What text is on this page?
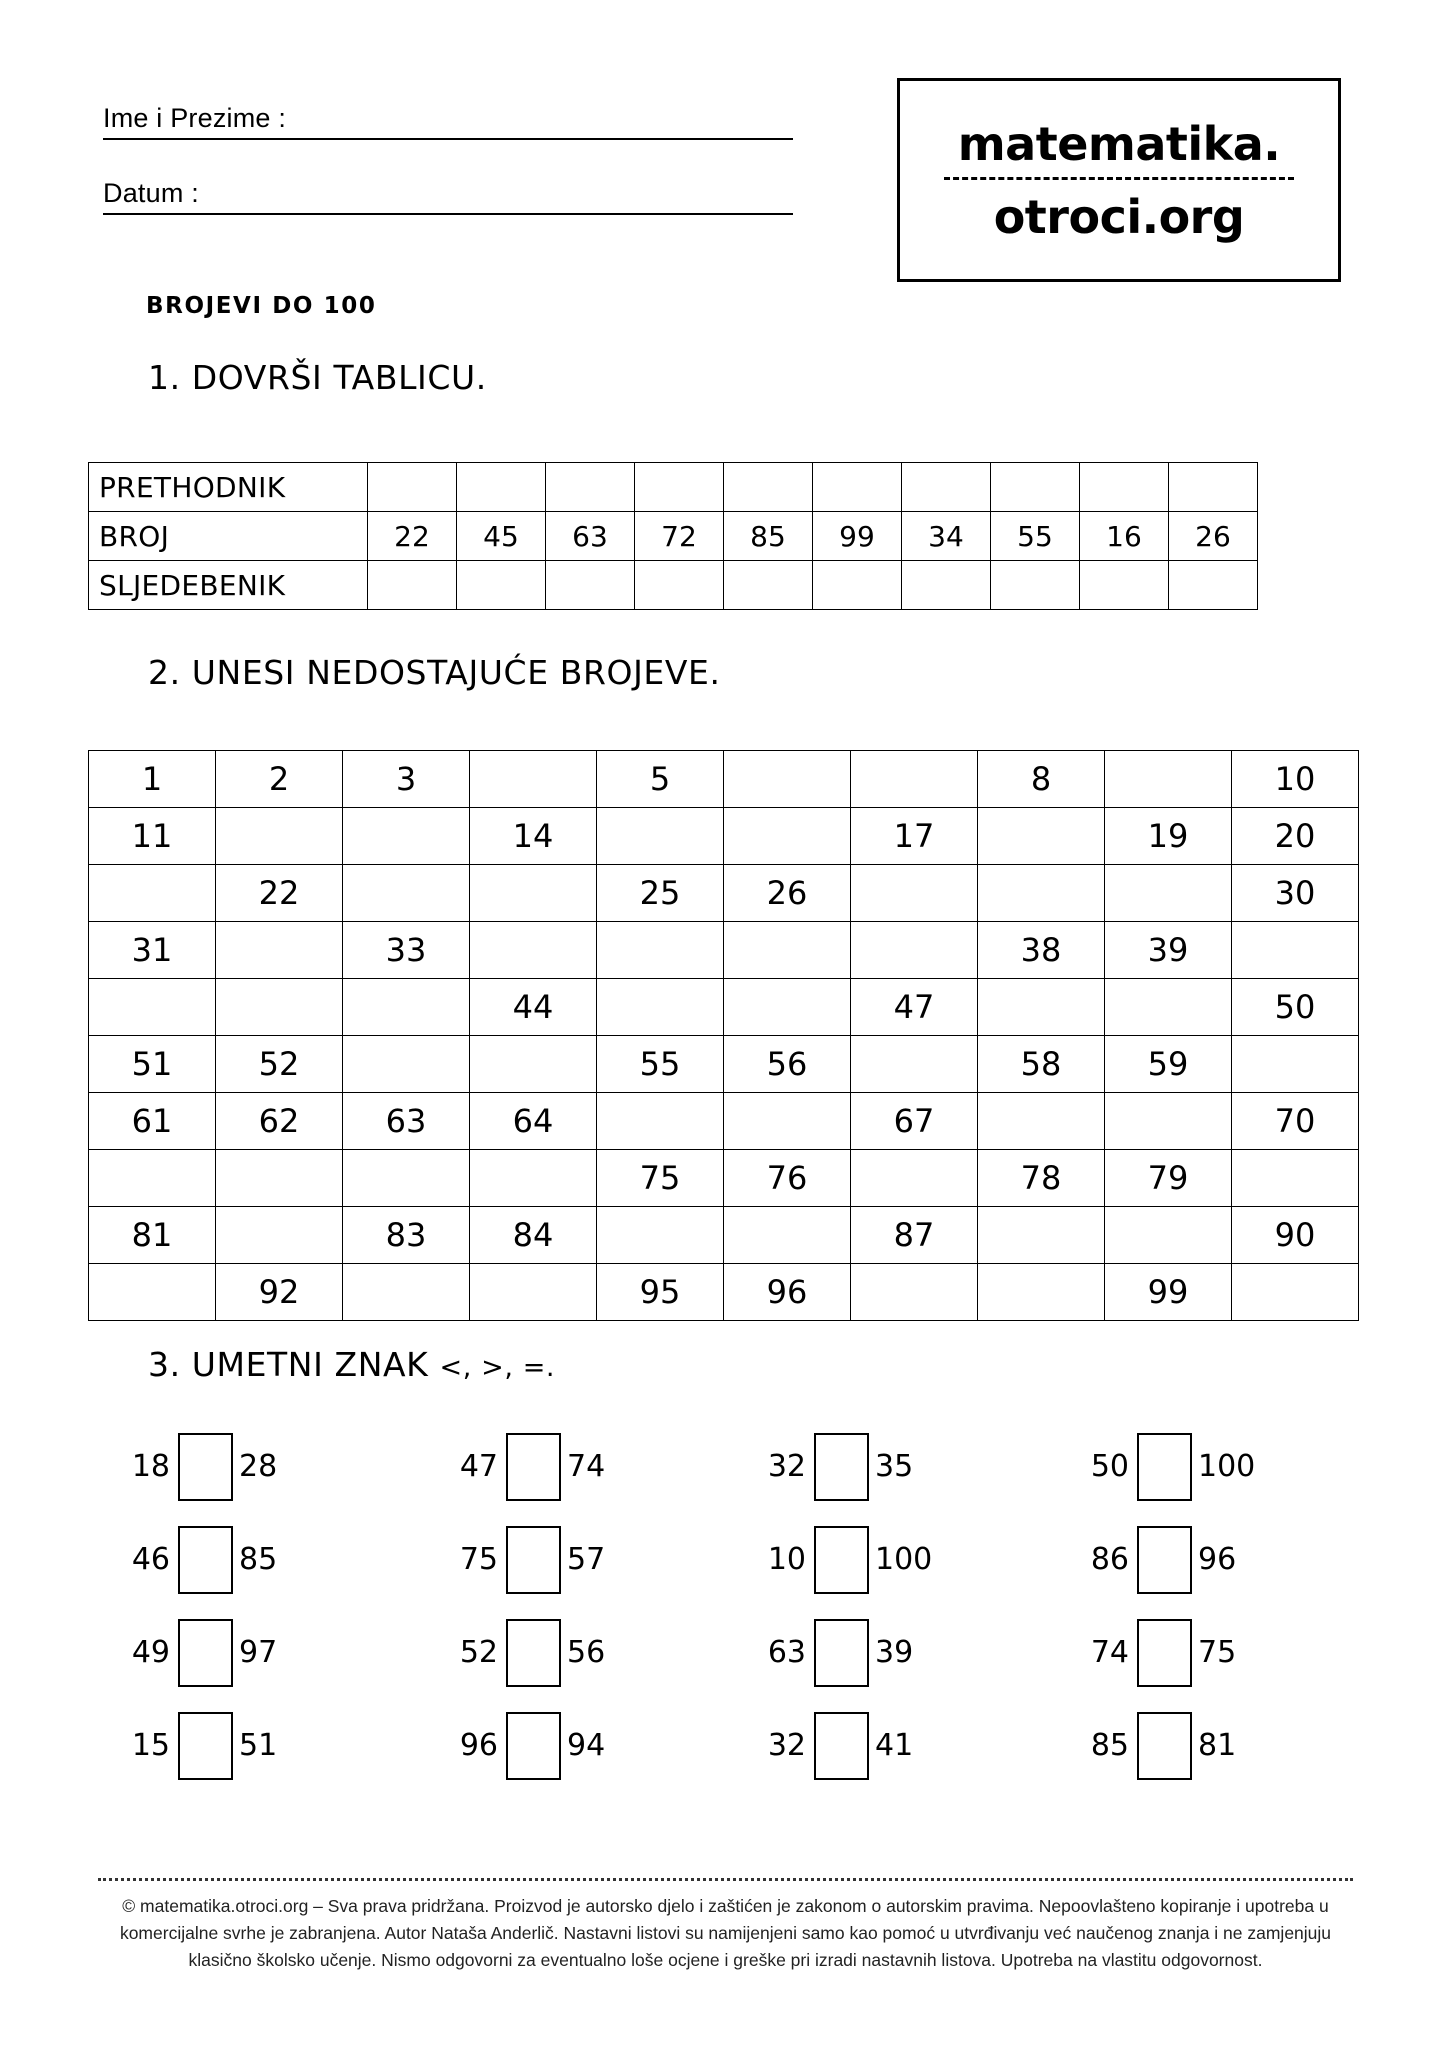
Ime i Prezime :
Datum :
matematika.
otroci.org
BROJEVI DO 100
1. DOVRŠI TABLICU.
PRETHODNIK										
BROJ	22	45	63	72	85	99	34	55	16	26
SLJEDEBENIK										
2. UNESI NEDOSTAJUĆE BROJEVE.
1	2	3		5			8		10
11			14			17		19	20
	22			25	26				30
31		33					38	39	
			44			47			50
51	52			55	56		58	59	
61	62	63	64			67			70
				75	76		78	79	
81		83	84			87			90
	92			95	96			99	
3. UMETNI ZNAK <, >, =.
18 28	47 74	32 35	50 100
46 85	75 57	10 100	86 96
49 97	52 56	63 39	74 75
15 51	96 94	32 41	85 81
© matematika.otroci.org – Sva prava pridržana. Proizvod je autorsko djelo i zaštićen je zakonom o autorskim pravima. Nepoovlašteno kopiranje i upotreba u komercijalne svrhe je zabranjena. Autor Nataša Anderlič. Nastavni listovi su namijenjeni samo kao pomoć u utvrđivanju već naučenog znanja i ne zamjenjuju klasično školsko učenje. Nismo odgovorni za eventualno loše ocjene i greške pri izradi nastavnih listova. Upotreba na vlastitu odgovornost.
